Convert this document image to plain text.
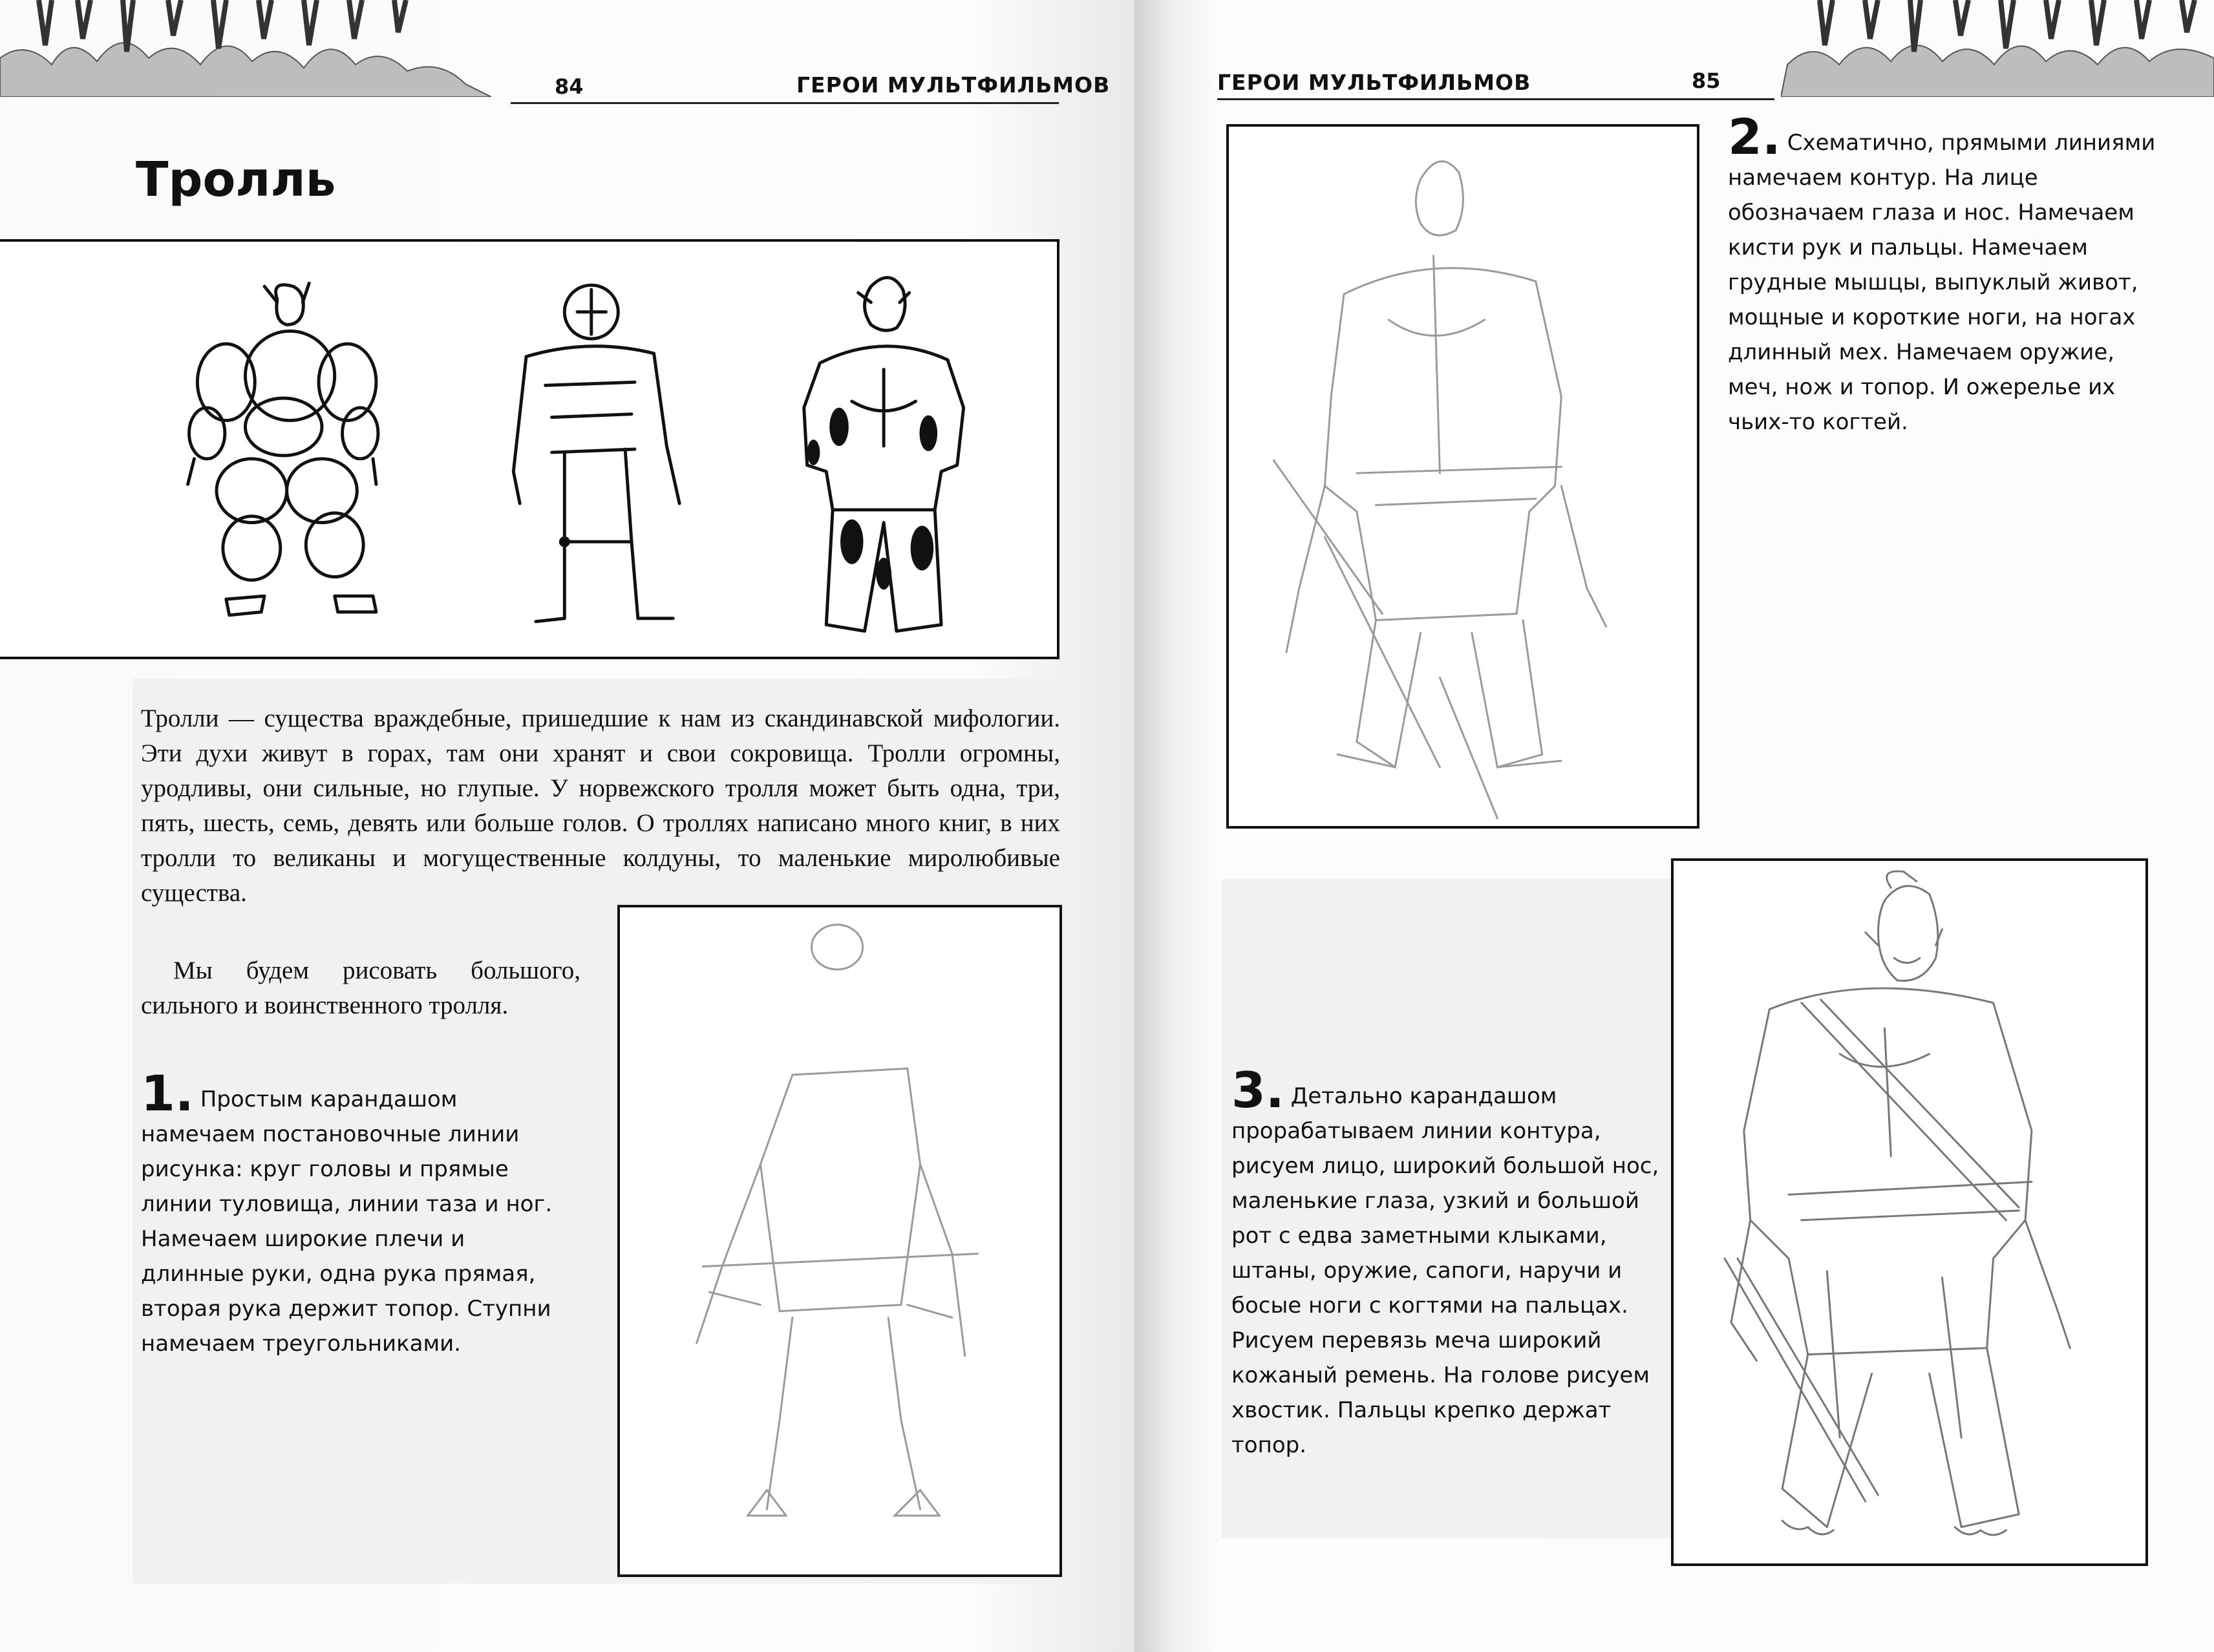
84	ГЕРОИ МУЛЬТФИЛЬМОВ
Тролль

Тролли — существа враждебные, пришедшие к нам из скандинавской мифологии. Эти духи живут в горах, там они хранят и свои сокровища. Тролли огромны, уродливы, они сильные, но глупые. У норвежского тролля может быть одна, три, пять, шесть, семь, девять или больше голов. О троллях написано много книг, в них тролли то великаны и могущественные колдуны, то маленькие миролюбивые существа.

Мы будем рисовать большого, сильного и воинственного тролля.

1. Простым карандашом намечаем постановочные линии рисунка: круг головы и прямые линии туловища, линии таза и ног. Намечаем широкие плечи и длинные руки, одна рука прямая, вторая рука держит топор. Ступни намечаем треугольниками.

ГЕРОИ МУЛЬТФИЛЬМОВ	85

2. Схематично, прямыми линиями намечаем контур. На лице обозначаем глаза и нос. Намечаем кисти рук и пальцы. Намечаем грудные мышцы, выпуклый живот, мощные и короткие ноги, на ногах длинный мех. Намечаем оружие, меч, нож и топор. И ожерелье их чьих-то когтей.

3. Детально карандашом прорабатываем линии контура, рисуем лицо, широкий большой нос, маленькие глаза, узкий и большой рот с едва заметными клыками, штаны, оружие, сапоги, наручи и босые ноги с когтями на пальцах. Рисуем перевязь меча широкий кожаный ремень. На голове рисуем хвостик. Пальцы крепко держат топор.
